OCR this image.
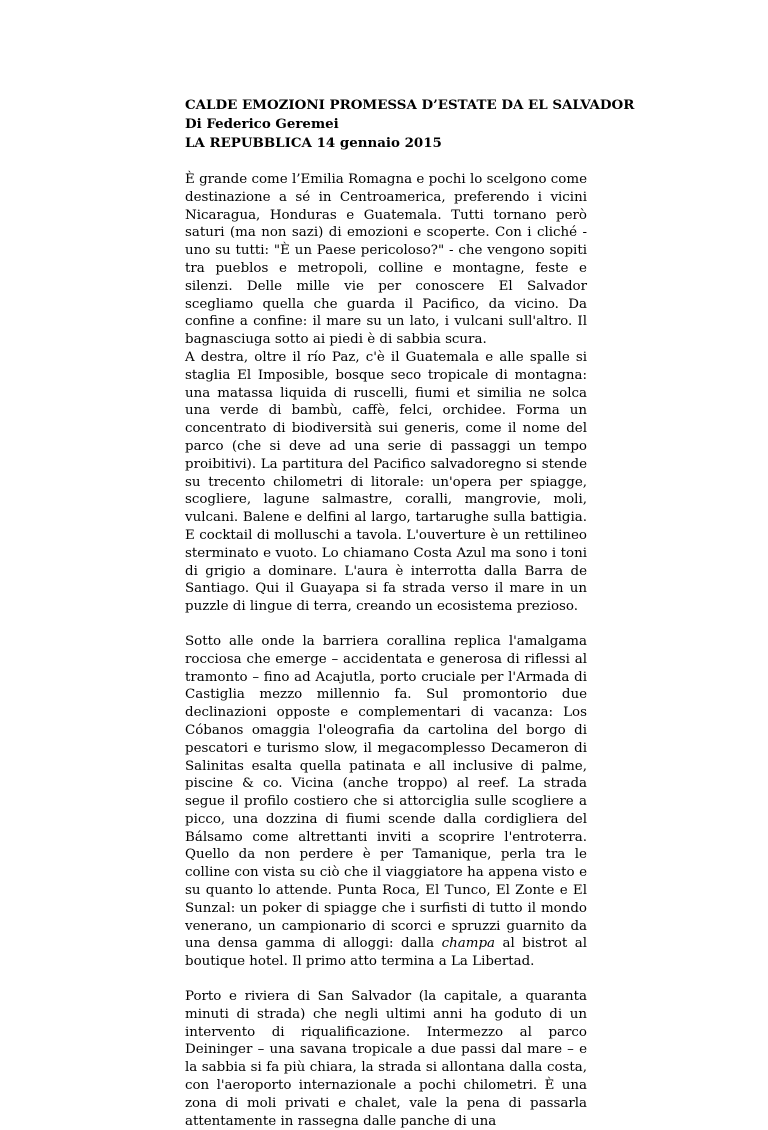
CALDE EMOZIONI PROMESSA D’ESTATE DA EL SALVADOR

Di Federico Geremei

LA REPUBBLICA 14 gennaio 2015

È grande come l’Emilia Romagna e pochi lo scelgono come destinazione a sé in Centroamerica, preferendo i vicini Nicaragua, Honduras e Guatemala. Tutti tornano però saturi (ma non sazi) di emozioni e scoperte. Con i cliché - uno su tutti: "È un Paese pericoloso?" - che vengono sopiti tra pueblos e metropoli, colline e montagne, feste e silenzi. Delle mille vie per conoscere El Salvador scegliamo quella che guarda il Pacifico, da vicino. Da confine a confine: il mare su un lato, i vulcani sull'altro. Il bagnasciuga sotto ai piedi è di sabbia scura.

A destra, oltre il río Paz, c'è il Guatemala e alle spalle si staglia El Imposible, bosque seco tropicale di montagna: una matassa liquida di ruscelli, fiumi et similia ne solca una verde di bambù, caffè, felci, orchidee. Forma un concentrato di biodiversità sui generis, come il nome del parco (che si deve ad una serie di passaggi un tempo proibitivi). La partitura del Pacifico salvadoregno si stende su trecento chilometri di litorale: un'opera per spiagge, scogliere, lagune salmastre, coralli, mangrovie, moli, vulcani. Balene e delfini al largo, tartarughe sulla battigia. E cocktail di molluschi a tavola. L'ouverture è un rettilineo sterminato e vuoto. Lo chiamano Costa Azul ma sono i toni di grigio a dominare. L'aura è interrotta dalla Barra de Santiago. Qui il Guayapa si fa strada verso il mare in un puzzle di lingue di terra, creando un ecosistema prezioso.

Sotto alle onde la barriera corallina replica l'amalgama rocciosa che emerge – accidentata e generosa di riflessi al tramonto – fino ad Acajutla, porto cruciale per l'Armada di Castiglia mezzo millennio fa. Sul promontorio due declinazioni opposte e complementari di vacanza: Los Cóbanos omaggia l'oleografia da cartolina del borgo di pescatori e turismo slow, il megacomplesso Decameron di Salinitas esalta quella patinata e all inclusive di palme, piscine & co. Vicina (anche troppo) al reef. La strada segue il profilo costiero che si attorciglia sulle scogliere a picco, una dozzina di fiumi scende dalla cordigliera del Bálsamo come altrettanti inviti a scoprire l'entroterra. Quello da non perdere è per Tamanique, perla tra le colline con vista su ciò che il viaggiatore ha appena visto e su quanto lo attende. Punta Roca, El Tunco, El Zonte e El Sunzal: un poker di spiagge che i surfisti di tutto il mondo venerano, un campionario di scorci e spruzzi guarnito da una densa gamma di alloggi: dalla champa al bistrot al boutique hotel. Il primo atto termina a La Libertad.

Porto e riviera di San Salvador (la capitale, a quaranta minuti di strada) che negli ultimi anni ha goduto di un intervento di riqualificazione. Intermezzo al parco Deininger – una savana tropicale a due passi dal mare – e la sabbia si fa più chiara, la strada si allontana dalla costa, con l'aeroporto internazionale a pochi chilometri. È una zona di moli privati e chalet, vale la pena di passarla attentamente in rassegna dalle panche di una
